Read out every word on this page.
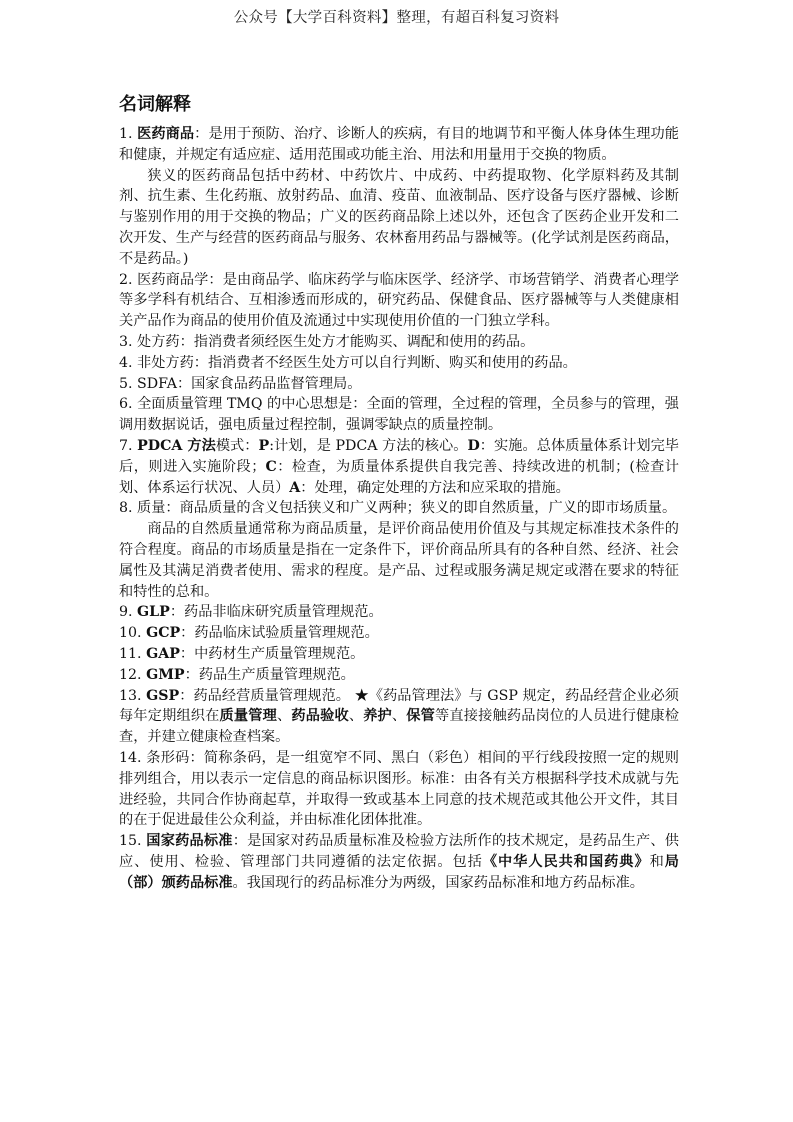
公众号【大学百科资料】整理，有超百科复习资料
名词解释

1. 医药商品：是用于预防、治疗、诊断人的疾病，有目的地调节和平衡人体身体生理功能和健康，并规定有适应症、适用范围或功能主治、用法和用量用于交换的物质。

狭义的医药商品包括中药材、中药饮片、中成药、中药提取物、化学原料药及其制剂、抗生素、生化药瓶、放射药品、血清、疫苗、血液制品、医疗设备与医疗器械、诊断与鉴别作用的用于交换的物品；广义的医药商品除上述以外，还包含了医药企业开发和二次开发、生产与经营的医药商品与服务、农林畜用药品与器械等。(化学试剂是医药商品，不是药品。)

2. 医药商品学：是由商品学、临床药学与临床医学、经济学、市场营销学、消费者心理学等多学科有机结合、互相渗透而形成的，研究药品、保健食品、医疗器械等与人类健康相关产品作为商品的使用价值及流通过中实现使用价值的一门独立学科。

3. 处方药：指消费者须经医生处方才能购买、调配和使用的药品。

4. 非处方药：指消费者不经医生处方可以自行判断、购买和使用的药品。

5. SDFA：国家食品药品监督管理局。

6. 全面质量管理 TMQ 的中心思想是：全面的管理，全过程的管理，全员参与的管理，强调用数据说话，强电质量过程控制，强调零缺点的质量控制。

7. PDCA 方法模式：P:计划，是 PDCA 方法的核心。D：实施。总体质量体系计划完毕后，则进入实施阶段；C：检查，为质量体系提供自我完善、持续改进的机制；(检查计划、体系运行状况、人员）A：处理，确定处理的方法和应采取的措施。

8. 质量：商品质量的含义包括狭义和广义两种；狭义的即自然质量，广义的即市场质量。

商品的自然质量通常称为商品质量，是评价商品使用价值及与其规定标准技术条件的符合程度。商品的市场质量是指在一定条件下，评价商品所具有的各种自然、经济、社会属性及其满足消费者使用、需求的程度。是产品、过程或服务满足规定或潜在要求的特征和特性的总和。

9. GLP：药品非临床研究质量管理规范。

10. GCP：药品临床试验质量管理规范。

11. GAP：中药材生产质量管理规范。

12. GMP：药品生产质量管理规范。

13. GSP：药品经营质量管理规范。 ★《药品管理法》与 GSP 规定，药品经营企业必须每年定期组织在质量管理、药品验收、养护、保管等直接接触药品岗位的人员进行健康检查，并建立健康检查档案。

14. 条形码：简称条码，是一组宽窄不同、黑白（彩色）相间的平行线段按照一定的规则排列组合，用以表示一定信息的商品标识图形。标准：由各有关方根据科学技术成就与先进经验，共同合作协商起草，并取得一致或基本上同意的技术规范或其他公开文件，其目的在于促进最佳公众利益，并由标准化团体批准。

15. 国家药品标准：是国家对药品质量标准及检验方法所作的技术规定，是药品生产、供应、使用、检验、管理部门共同遵循的法定依据。包括《中华人民共和国药典》和局（部）颁药品标准。我国现行的药品标准分为两级，国家药品标准和地方药品标准。
